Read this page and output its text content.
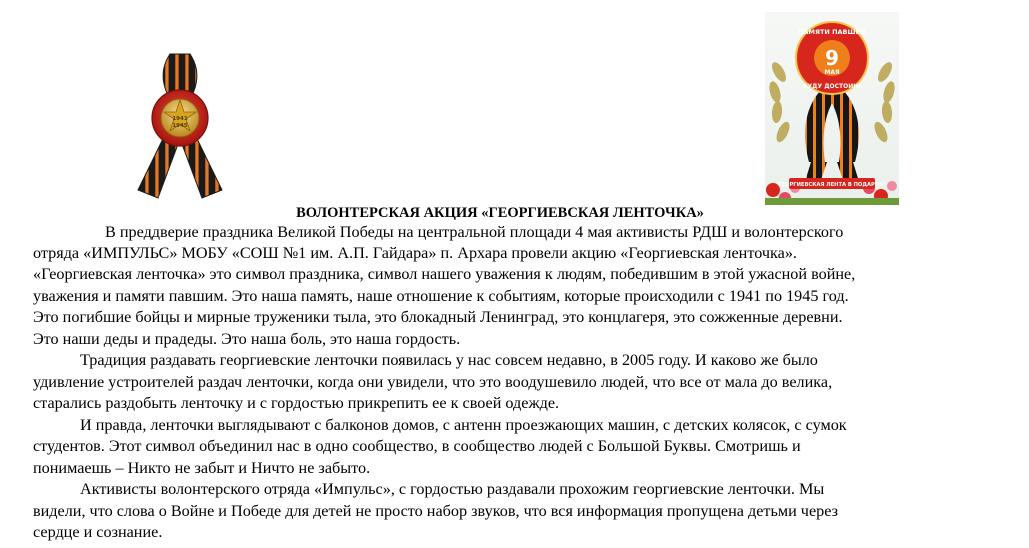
1941
1945
9
МАЯ
ПАМЯТИ ПАВШИХ
БУДУ ДОСТОИН!
ГЕОРГИЕВСКАЯ ЛЕНТА В ПОДАРОК!
ВОЛОНТЕРСКАЯ АКЦИЯ «ГЕОРГИЕВСКАЯ ЛЕНТОЧКА»
В преддверие праздника Великой Победы на центральной площади 4 мая активисты РДШ и волонтерского
отряда «ИМПУЛЬС» МОБУ «СОШ №1 им. А.П. Гайдара» п. Архара провели акцию «Георгиевская ленточка».
«Георгиевская ленточка» это символ праздника, символ нашего уважения к людям, победившим в этой ужасной войне,
уважения и памяти павшим. Это наша память, наше отношение к событиям, которые происходили с 1941 по 1945 год.
Это погибшие бойцы и мирные труженики тыла, это блокадный Ленинград, это концлагеря, это сожженные деревни.
Это наши деды и прадеды. Это наша боль, это наша гордость.
Традиция раздавать георгиевские ленточки появилась у нас совсем недавно, в 2005 году. И каково же было
удивление устроителей раздач ленточки, когда они увидели, что это воодушевило людей, что все от мала до велика,
старались раздобыть ленточку и с гордостью прикрепить ее к своей одежде.
И правда, ленточки выглядывают с балконов домов, с антенн проезжающих машин, с детских колясок, с сумок
студентов. Этот символ объединил нас в одно сообщество, в сообщество людей с Большой Буквы. Смотришь и
понимаешь – Никто не забыт и Ничто не забыто.
Активисты волонтерского отряда «Импульс», с гордостью раздавали прохожим георгиевские ленточки. Мы
видели, что слова о Войне и Победе для детей не просто набор звуков, что вся информация пропущена детьми через
сердце и сознание.
